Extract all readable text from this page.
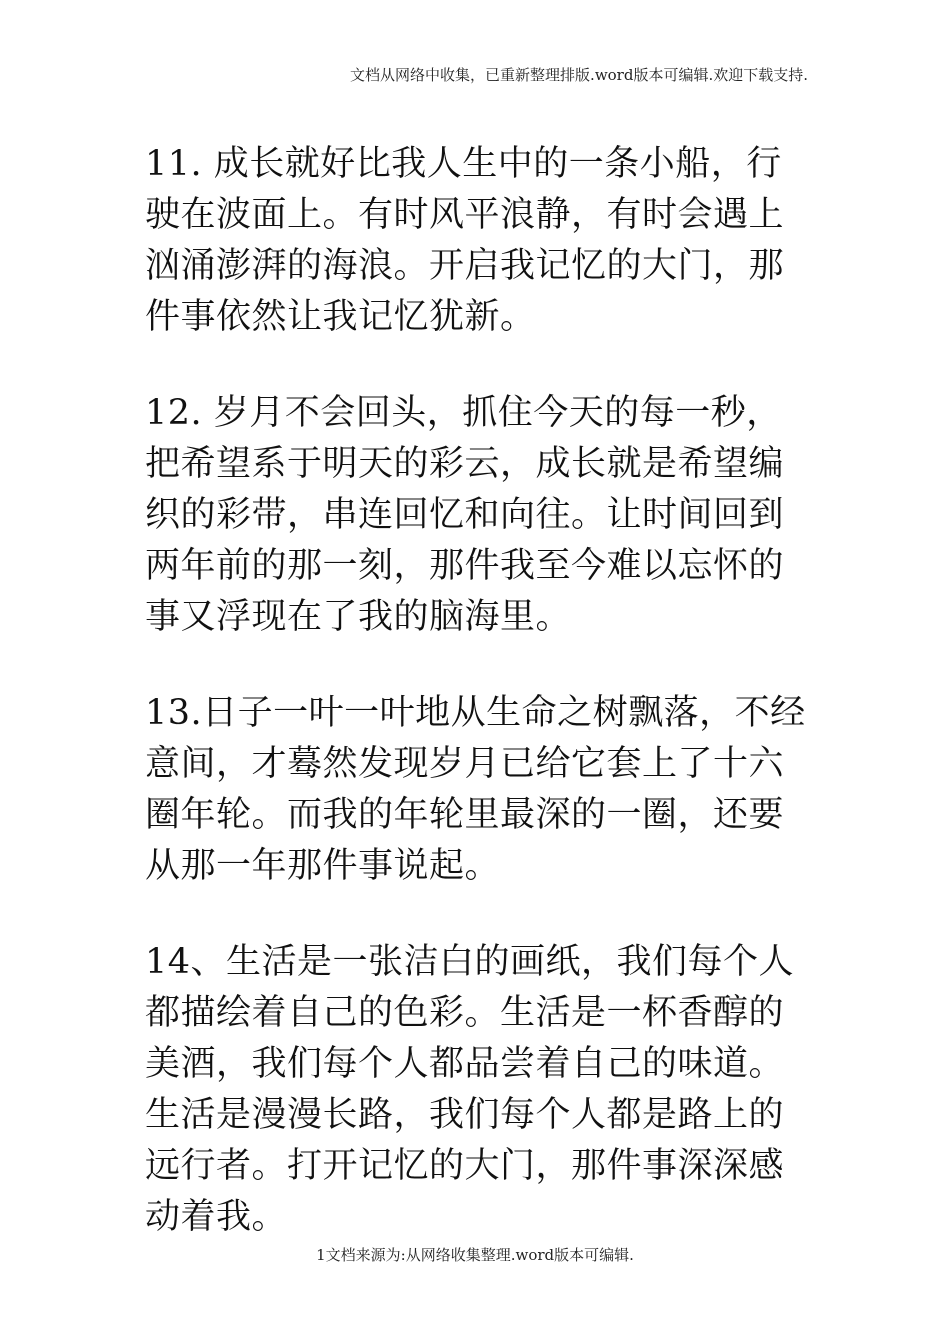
文档从网络中收集，已重新整理排版.word版本可编辑.欢迎下载支持.

11. 成长就好比我人生中的一条小船，行驶在波面上。有时风平浪静，有时会遇上汹涌澎湃的海浪。开启我记忆的大门，那件事依然让我记忆犹新。

12. 岁月不会回头，抓住今天的每一秒，把希望系于明天的彩云，成长就是希望编织的彩带，串连回忆和向往。让时间回到两年前的那一刻，那件我至今难以忘怀的事又浮现在了我的脑海里。

13.日子一叶一叶地从生命之树飘落，不经意间，才蓦然发现岁月已给它套上了十六圈年轮。而我的年轮里最深的一圈，还要从那一年那件事说起。

14、生活是一张洁白的画纸，我们每个人都描绘着自己的色彩。生活是一杯香醇的美酒，我们每个人都品尝着自己的味道。生活是漫漫长路，我们每个人都是路上的远行者。打开记忆的大门，那件事深深感动着我。

1文档来源为:从网络收集整理.word版本可编辑.
